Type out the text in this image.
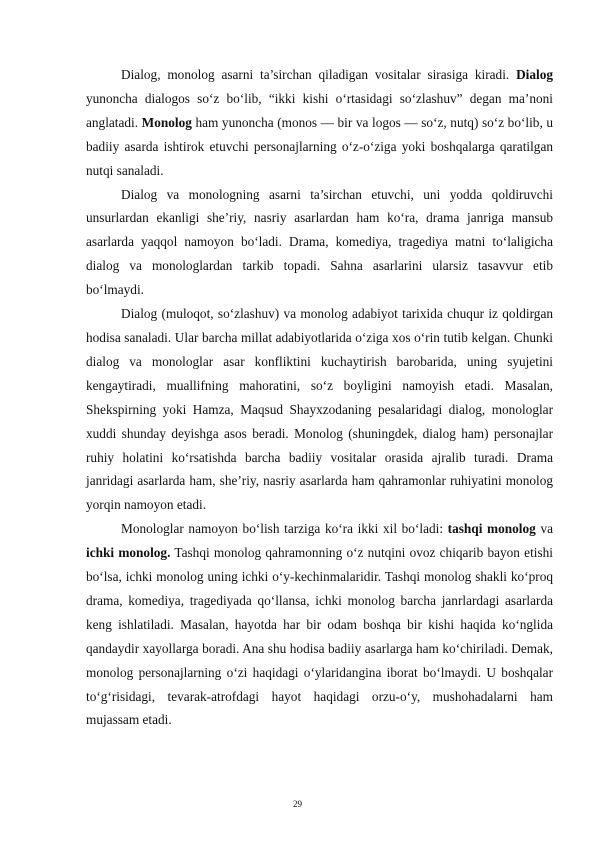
Dialog, monolog asarni ta’sirchan qiladigan vositalar sirasiga kiradi. Dialog yunoncha dialogos so‘z bo‘lib, “ikki kishi o‘rtasidagi so‘zlashuv” degan ma’noni anglatadi. Monolog ham yunoncha (monos — bir va logos — so‘z, nutq) so‘z bo‘lib, u badiiy asarda ishtirok etuvchi personajlarning o‘z-o‘ziga yoki boshqalarga qaratilgan nutqi sanaladi.

Dialog va monologning asarni ta’sirchan etuvchi, uni yodda qoldiruvchi unsurlardan ekanligi she’riy, nasriy asarlardan ham ko‘ra, drama janriga mansub asarlarda yaqqol namoyon bo‘ladi. Drama, komediya, tragediya matni to‘laligicha dialog va monologlardan tarkib topadi. Sahna asarlarini ularsiz tasavvur etib bo‘lmaydi.

Dialog (muloqot, so‘zlashuv) va monolog adabiyot tarixida chuqur iz qoldirgan hodisa sanaladi. Ular barcha millat adabiyotlarida o‘ziga xos o‘rin tutib kelgan. Chunki dialog va monologlar asar konfliktini kuchaytirish barobarida, uning syujetini kengaytiradi, muallifning mahoratini, so‘z boyligini namoyish etadi. Masalan, Shekspirning yoki Hamza, Maqsud Shayxzodaning pesalaridagi dialog, monologlar xuddi shunday deyishga asos beradi. Monolog (shuningdek, dialog ham) personajlar ruhiy holatini ko‘rsatishda barcha badiiy vositalar orasida ajralib turadi. Drama janridagi asarlarda ham, she’riy, nasriy asarlarda ham qahramonlar ruhiyatini monolog yorqin namoyon etadi.

Monologlar namoyon bo‘lish tarziga ko‘ra ikki xil bo‘ladi: tashqi monolog va ichki monolog. Tashqi monolog qahramonning o‘z nutqini ovoz chiqarib bayon etishi bo‘lsa, ichki monolog uning ichki o‘y-kechinmalaridir. Tashqi monolog shakli ko‘proq drama, komediya, tragediyada qo‘llansa, ichki monolog barcha janrlardagi asarlarda keng ishlatiladi. Masalan, hayotda har bir odam boshqa bir kishi haqida ko‘nglida qandaydir xayollarga boradi. Ana shu hodisa badiiy asarlarga ham ko‘chiriladi. Demak, monolog personajlarning o‘zi haqidagi o‘ylaridangina iborat bo‘lmaydi. U boshqalar to‘g‘risidagi, tevarak-atrofdagi hayot haqidagi orzu-o‘y, mushohadalarni ham mujassam etadi.

29
